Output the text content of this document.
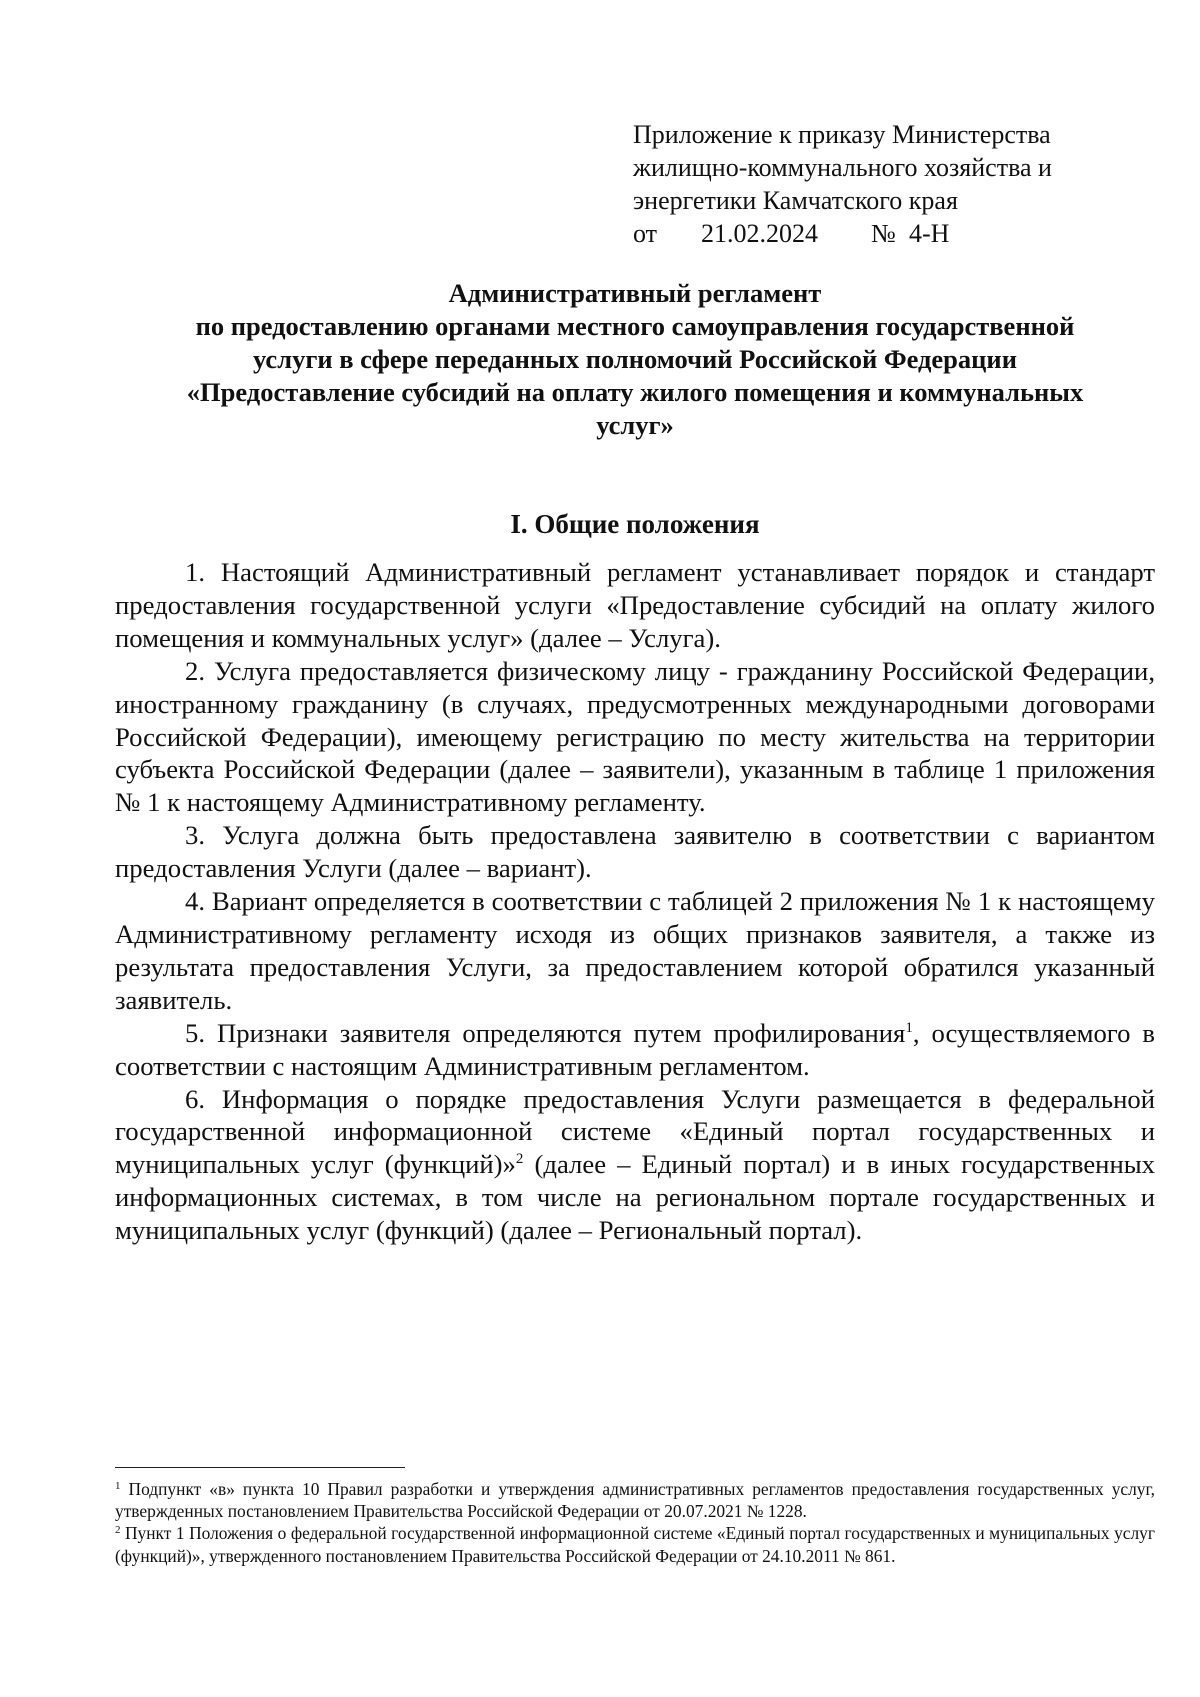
Приложение к приказу Министерства
жилищно-коммунального хозяйства и
энергетики Камчатского края
от 21.02.2024 № 4-Н
Административный регламент
по предоставлению органами местного самоуправления государственной
услуги в сфере переданных полномочий Российской Федерации
«Предоставление субсидий на оплату жилого помещения и коммунальных
услуг»
I. Общие положения

1. Настоящий Административный регламент устанавливает порядок и стандарт предоставления государственной услуги «Предоставление субсидий на оплату жилого помещения и коммунальных услуг» (далее – Услуга).

2. Услуга предоставляется физическому лицу - гражданину Российской Федерации, иностранному гражданину (в случаях, предусмотренных международными договорами Российской Федерации), имеющему регистрацию по месту жительства на территории субъекта Российской Федерации (далее – заявители), указанным в таблице 1 приложения № 1 к настоящему Административному регламенту.

3. Услуга должна быть предоставлена заявителю в соответствии с вариантом предоставления Услуги (далее – вариант).

4. Вариант определяется в соответствии с таблицей 2 приложения № 1 к настоящему Административному регламенту исходя из общих признаков заявителя, а также из результата предоставления Услуги, за предоставлением которой обратился указанный заявитель.

5. Признаки заявителя определяются путем профилирования$^1$, осуществляемого в соответствии с настоящим Административным регламентом.

6. Информация о порядке предоставления Услуги размещается в федеральной государственной информационной системе «Единый портал государственных и муниципальных услуг (функций)»$^2$ (далее – Единый портал) и в иных государственных информационных системах, в том числе на региональном портале государственных и муниципальных услуг (функций) (далее – Региональный портал).

$^1$ Подпункт «в» пункта 10 Правил разработки и утверждения административных регламентов предоставления государственных услуг, утвержденных постановлением Правительства Российской Федерации от 20.07.2021 № 1228.

$^2$ Пункт 1 Положения о федеральной государственной информационной системе «Единый портал государственных и муниципальных услуг (функций)», утвержденного постановлением Правительства Российской Федерации от 24.10.2011 № 861.
